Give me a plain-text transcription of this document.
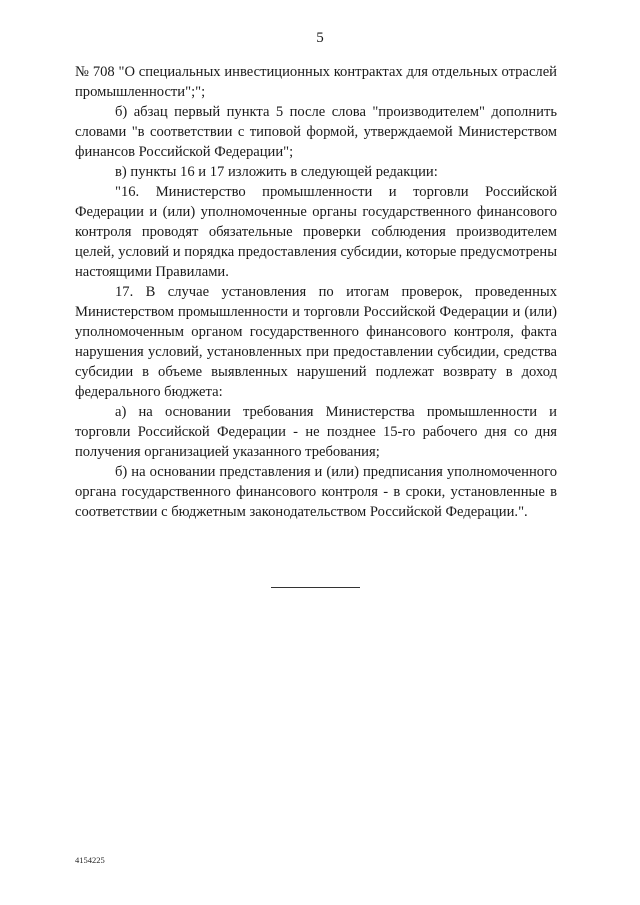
5

№ 708 "О специальных инвестиционных контрактах для отдельных отраслей промышленности";";

б) абзац первый пункта 5 после слова "производителем" дополнить словами "в соответствии с типовой формой, утверждаемой Министерством финансов Российской Федерации";

в) пункты 16 и 17 изложить в следующей редакции:

"16. Министерство промышленности и торговли Российской Федерации и (или) уполномоченные органы государственного финансового контроля проводят обязательные проверки соблюдения производителем целей, условий и порядка предоставления субсидии, которые предусмотрены настоящими Правилами.

17. В случае установления по итогам проверок, проведенных Министерством промышленности и торговли Российской Федерации и (или) уполномоченным органом государственного финансового контроля, факта нарушения условий, установленных при предоставлении субсидии, средства субсидии в объеме выявленных нарушений подлежат возврату в доход федерального бюджета:

а) на основании требования Министерства промышленности и торговли Российской Федерации - не позднее 15-го рабочего дня со дня получения организацией указанного требования;

б) на основании представления и (или) предписания уполномоченного органа государственного финансового контроля - в сроки, установленные в соответствии с бюджетным законодательством Российской Федерации.".

4154225
